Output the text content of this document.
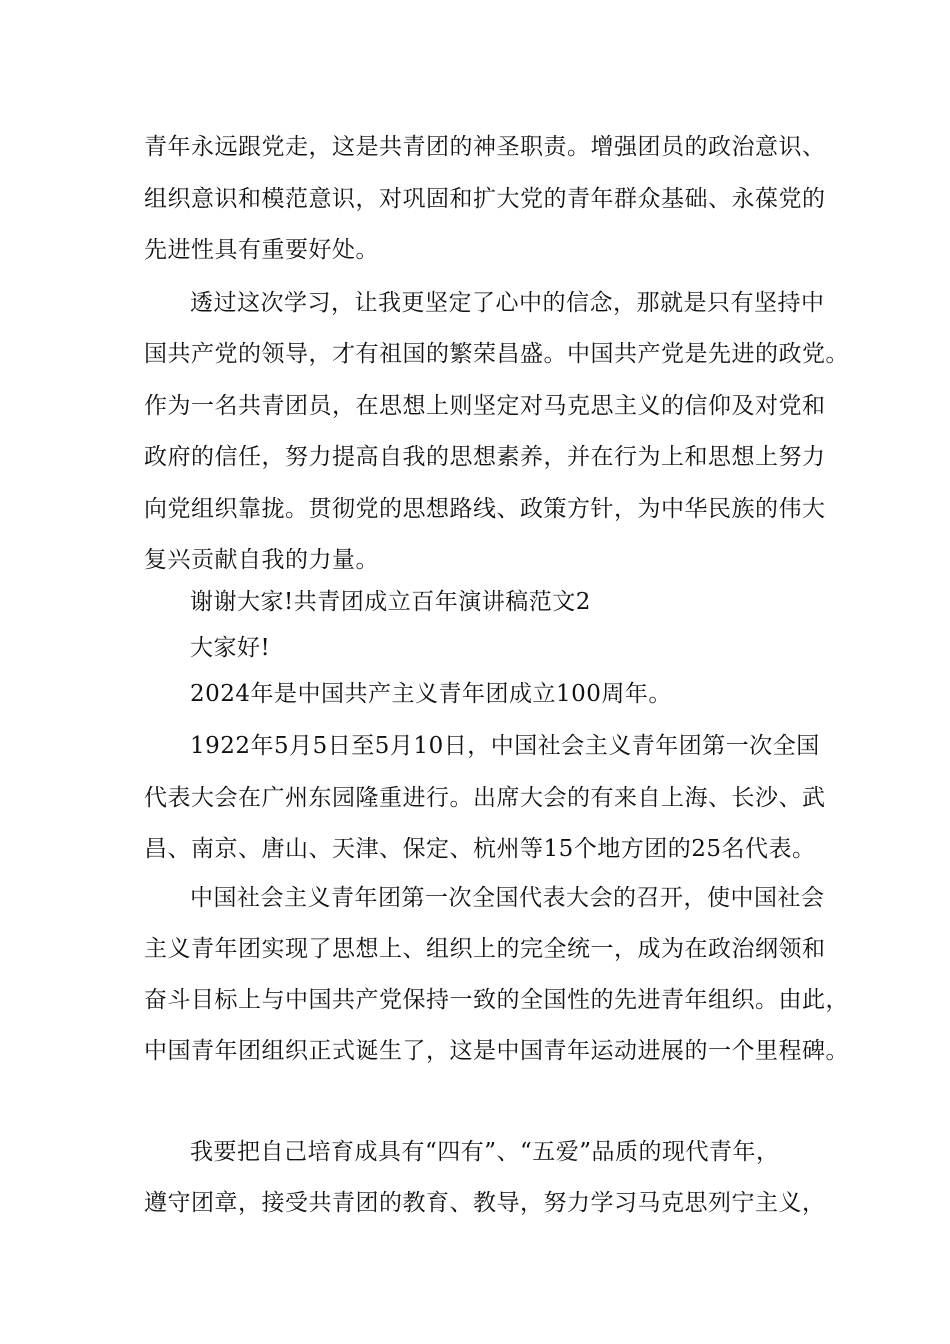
青年永远跟党走，这是共青团的神圣职责。增强团员的政治意识、
组织意识和模范意识，对巩固和扩大党的青年群众基础、永葆党的
先进性具有重要好处。
透过这次学习，让我更坚定了心中的信念，那就是只有坚持中
国共产党的领导，才有祖国的繁荣昌盛。中国共产党是先进的政党。
作为一名共青团员，在思想上则坚定对马克思主义的信仰及对党和
政府的信任，努力提高自我的思想素养，并在行为上和思想上努力
向党组织靠拢。贯彻党的思想路线、政策方针，为中华民族的伟大
复兴贡献自我的力量。
谢谢大家!共青团成立百年演讲稿范文2
大家好!
2024年是中国共产主义青年团成立100周年。
1922年5月5日至5月10日，中国社会主义青年团第一次全国
代表大会在广州东园隆重进行。出席大会的有来自上海、长沙、武
昌、南京、唐山、天津、保定、杭州等15个地方团的25名代表。
中国社会主义青年团第一次全国代表大会的召开，使中国社会
主义青年团实现了思想上、组织上的完全统一，成为在政治纲领和
奋斗目标上与中国共产党保持一致的全国性的先进青年组织。由此，
中国青年团组织正式诞生了，这是中国青年运动进展的一个里程碑。
我要把自己培育成具有“四有”、“五爱”品质的现代青年，
遵守团章，接受共青团的教育、教导，努力学习马克思列宁主义，
